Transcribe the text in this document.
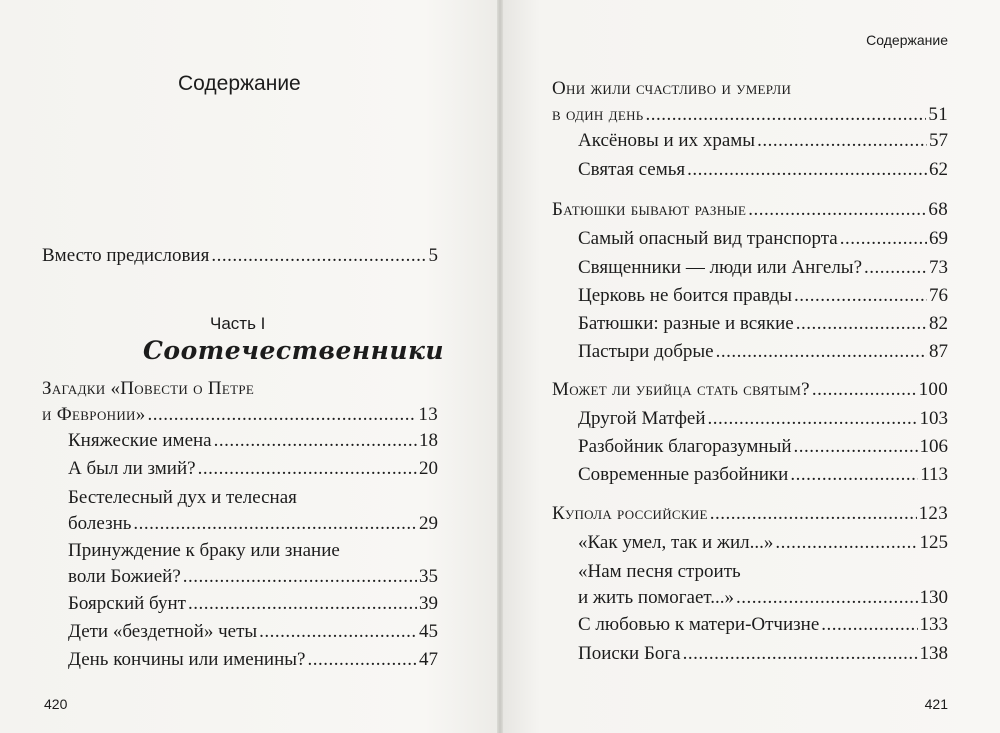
Содержание
Вместо предисловия .....	5
Часть I
Соотечественники
Загадки «Повести о Петре
и Февронии» .....	13
Княжеские имена .....	18
А был ли змий? .....	20
Бестелесный дух и телесная
болезнь .....	29
Принуждение к браку или знание
воли Божией? .....	35
Боярский бунт .....	39
Дети «бездетной» четы .....	45
День кончины или именины? .....	47
420
Содержание
Они жили счастливо и умерли
в один день .....	51
Аксёновы и их храмы .....	57
Святая семья .....	62
Батюшки бывают разные .....	68
Самый опасный вид транспорта .....	69
Священники — люди или Ангелы? .....	73
Церковь не боится правды .....	76
Батюшки: разные и всякие .....	82
Пастыри добрые .....	87
Может ли убийца стать святым? .....	100
Другой Матфей .....	103
Разбойник благоразумный .....	106
Современные разбойники .....	113
Купола российские .....	123
«Как умел, так и жил...» .....	125
«Нам песня строить
и жить помогает...» .....	130
С любовью к матери-Отчизне .....	133
Поиски Бога .....	138
421
